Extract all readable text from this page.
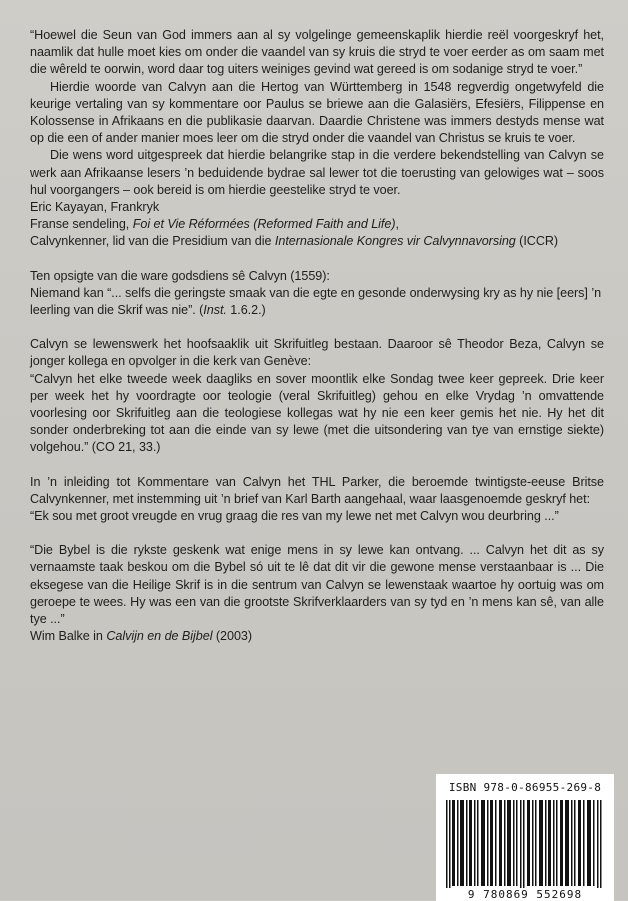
“Hoewel die Seun van God immers aan al sy volgelinge gemeenskaplik hierdie reël voorgeskryf het, naamlik dat hulle moet kies om onder die vaandel van sy kruis die stryd te voer eerder as om saam met die wêreld te oorwin, word daar tog uiters weiniges gevind wat gereed is om sodanige stryd te voer.”

Hierdie woorde van Calvyn aan die Hertog van Württemberg in 1548 regverdig ongetwyfeld die keurige vertaling van sy kommentare oor Paulus se briewe aan die Galasiërs, Efesiërs, Filippense en Kolossense in Afrikaans en die publikasie daarvan. Daardie Christene was immers destyds mense wat op die een of ander manier moes leer om die stryd onder die vaandel van Christus se kruis te voer.

Die wens word uitgespreek dat hierdie belangrike stap in die verdere bekendstelling van Calvyn se werk aan Afrikaanse lesers ’n beduidende bydrae sal lewer tot die toerusting van gelowiges wat – soos hul voorgangers – ook bereid is om hierdie geestelike stryd te voer.

Eric Kayayan, Frankryk

Franse sendeling, Foi et Vie Réformées (Reformed Faith and Life),

Calvynkenner, lid van die Presidium van die Internasionale Kongres vir Calvynnavorsing (ICCR)

Ten opsigte van die ware godsdiens sê Calvyn (1559):

Niemand kan “... selfs die geringste smaak van die egte en gesonde onderwysing kry as hy nie [eers] ’n leerling van die Skrif was nie”. (Inst. 1.6.2.)

Calvyn se lewenswerk het hoofsaaklik uit Skrifuitleg bestaan. Daaroor sê Theodor Beza, Calvyn se jonger kollega en opvolger in die kerk van Genève:

“Calvyn het elke tweede week daagliks en sover moontlik elke Sondag twee keer gepreek. Drie keer per week het hy voordragte oor teologie (veral Skrifuitleg) gehou en elke Vrydag ’n omvattende voorlesing oor Skrifuitleg aan die teologiese kollegas wat hy nie een keer gemis het nie. Hy het dit sonder onderbreking tot aan die einde van sy lewe (met die uitsondering van tye van ernstige siekte) volgehou.” (CO 21, 33.)

In ’n inleiding tot Kommentare van Calvyn het THL Parker, die beroemde twintigste-eeuse Britse Calvynkenner, met instemming uit ’n brief van Karl Barth aangehaal, waar laasgenoemde geskryf het:

“Ek sou met groot vreugde en vrug graag die res van my lewe net met Calvyn wou deurbring ...”

“Die Bybel is die rykste geskenk wat enige mens in sy lewe kan ontvang. ... Calvyn het dit as sy vernaamste taak beskou om die Bybel só uit te lê dat dit vir die gewone mense verstaanbaar is ... Die eksegese van die Heilige Skrif is in die sentrum van Calvyn se lewenstaak waartoe hy oortuig was om geroepe te wees. Hy was een van die grootste Skrifverklaarders van sy tyd en ’n mens kan sê, van alle tye ...”

Wim Balke in Calvijn en de Bijbel (2003)

ISBN 978-0-86955-269-8
9 780869 552698
